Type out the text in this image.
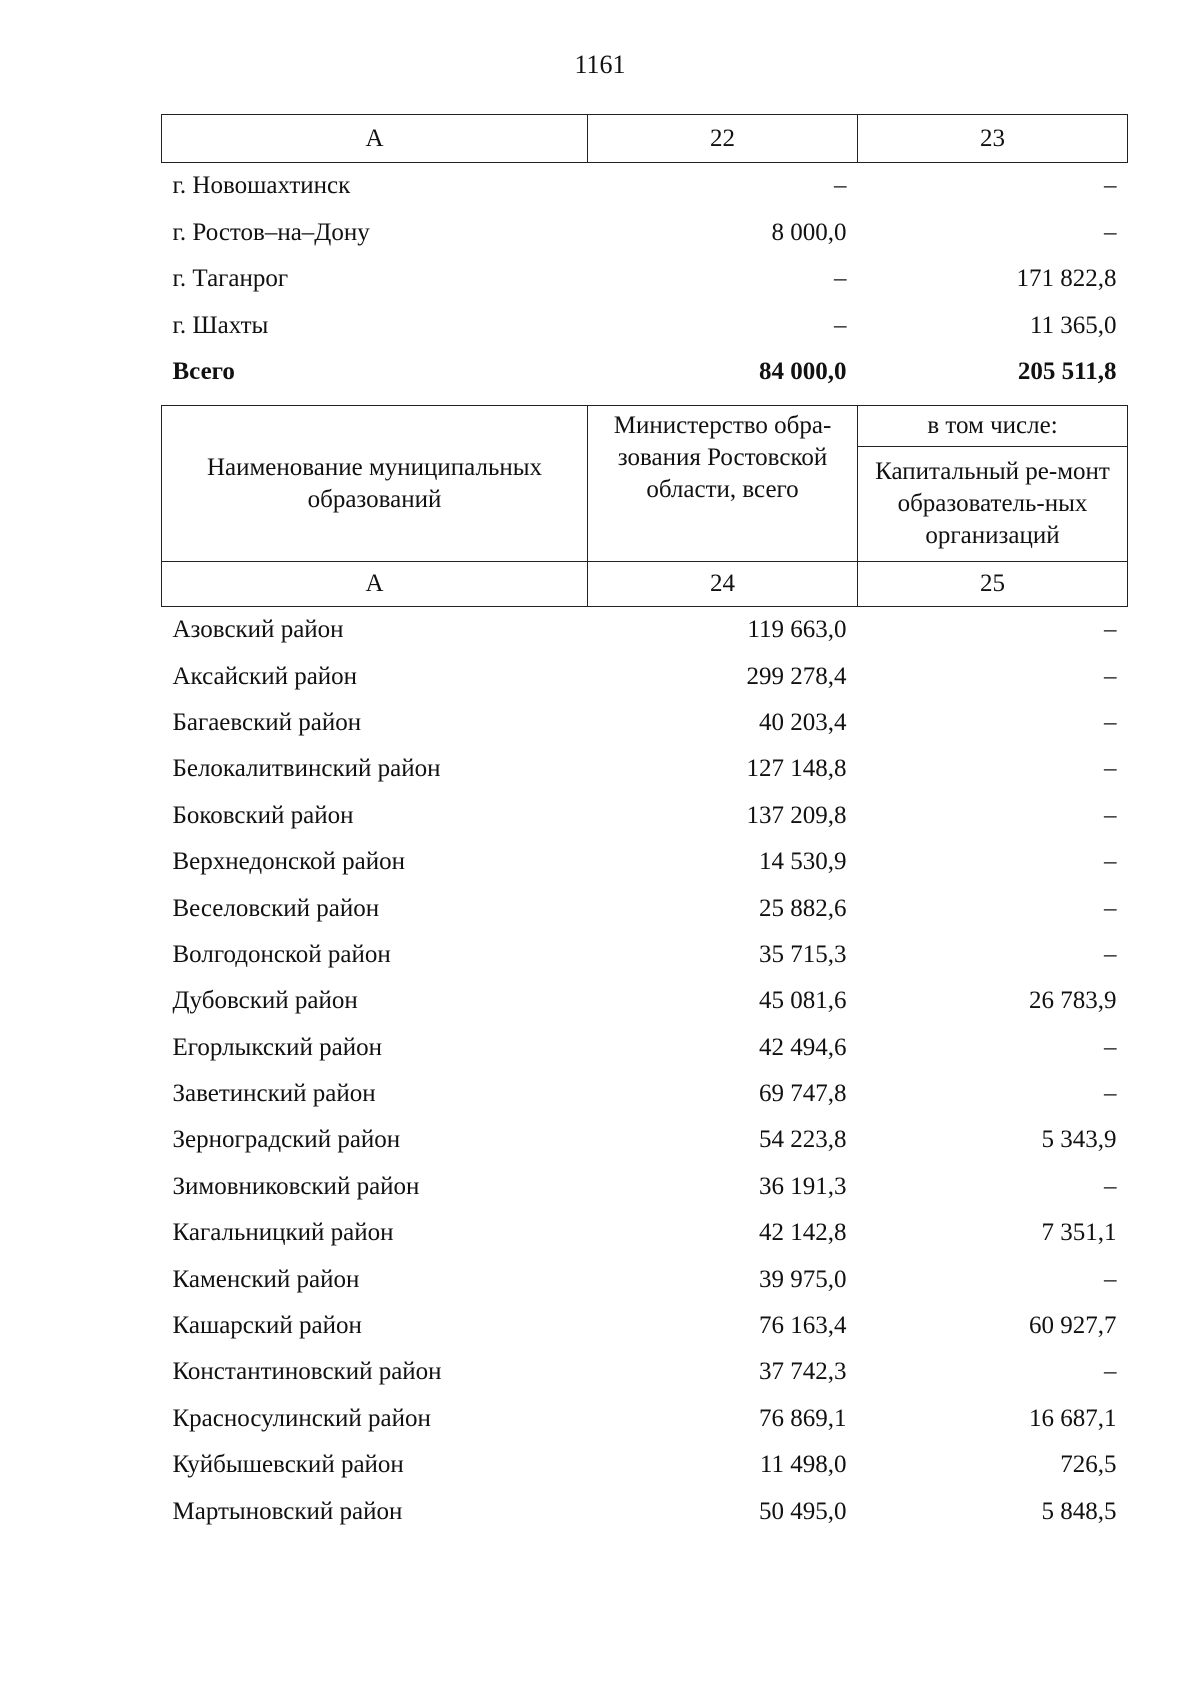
1161
А	22	23
г. Новошахтинск	–	–
г. Ростов–на–Дону	8 000,0	–
г. Таганрог	–	171 822,8
г. Шахты	–	11 365,0
Всего	84 000,0	205 511,8
Наименование муниципальных образований	Министерство обра-зования Ростовской области, всего	в том числе:
		Капитальный ре-монт образователь-ных организаций
А	24	25
Азовский район	119 663,0	–
Аксайский район	299 278,4	–
Багаевский район	40 203,4	–
Белокалитвинский район	127 148,8	–
Боковский район	137 209,8	–
Верхнедонской район	14 530,9	–
Веселовский район	25 882,6	–
Волгодонской район	35 715,3	–
Дубовский район	45 081,6	26 783,9
Егорлыкский район	42 494,6	–
Заветинский район	69 747,8	–
Зерноградский район	54 223,8	5 343,9
Зимовниковский район	36 191,3	–
Кагальницкий район	42 142,8	7 351,1
Каменский район	39 975,0	–
Кашарский район	76 163,4	60 927,7
Константиновский район	37 742,3	–
Красносулинский район	76 869,1	16 687,1
Куйбышевский район	11 498,0	726,5
Мартыновский район	50 495,0	5 848,5
